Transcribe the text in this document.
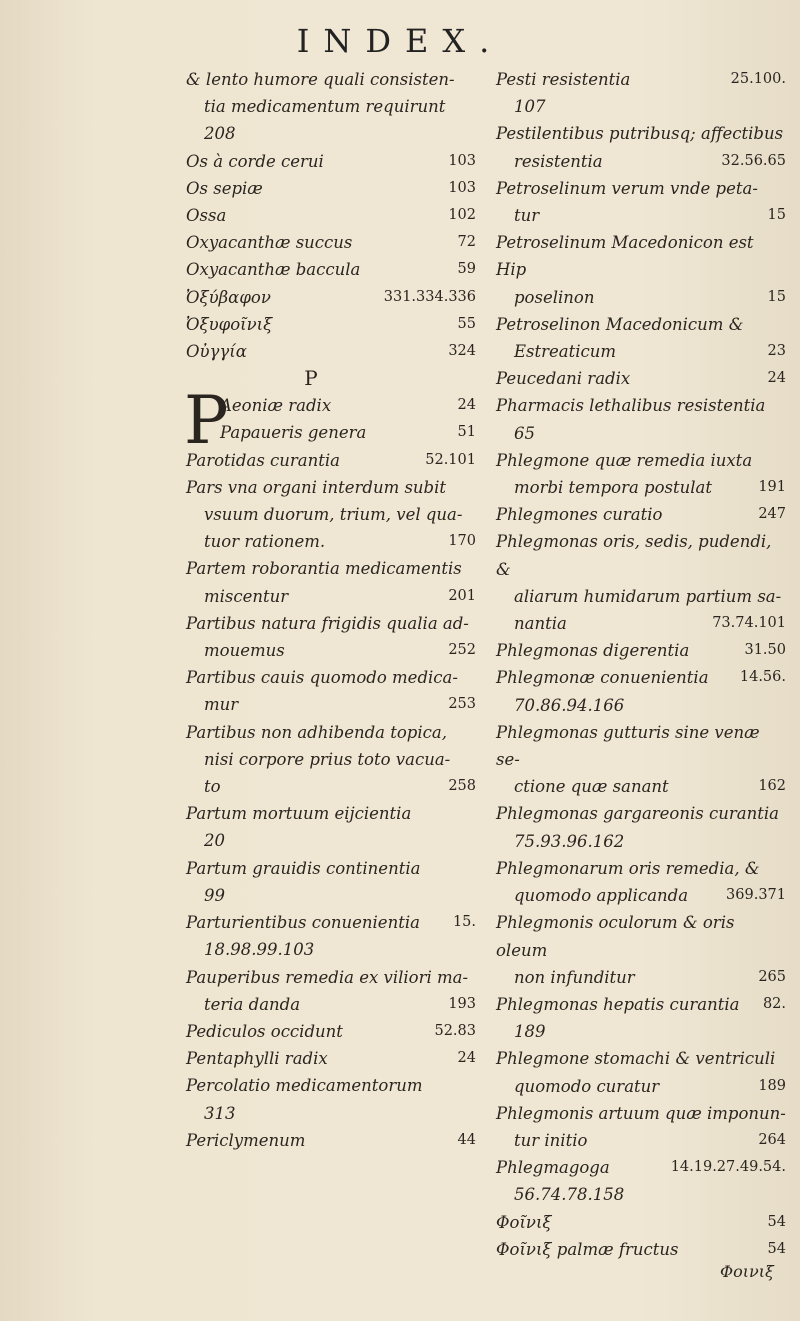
INDEX.
& lento humore quali consisten-
tia medicamentum requirunt
208
Os à corde cerui	103
Os sepiæ	103
Ossa	102
Oxyacanthæ succus	72
Oxyacanthæ baccula	59
Ὀξύβαφον	331.334.336
Ὀξυφοῖνιξ	55
Οὐγγία	324
P
P
Aeoniæ radix	24
Papaueris genera	51
Parotidas curantia	52.101
Pars vna organi interdum subit
vsuum duorum, trium, vel qua-
tuor rationem.	170
Partem roborantia medicamentis
miscentur	201
Partibus natura frigidis qualia ad-
mouemus	252
Partibus cauis quomodo medica-
mur	253
Partibus non adhibenda topica,
nisi corpore prius toto vacua-
to	258
Partum mortuum eijcientia
20
Partum grauidis continentia
99
Parturientibus conuenientia	15.
18.98.99.103
Pauperibus remedia ex viliori ma-
teria danda	193
Pediculos occidunt	52.83
Pentaphylli radix	24
Percolatio medicamentorum
313
Periclymenum	44
Pesti resistentia	25.100.
107
Pestilentibus putribusq; affectibus
resistentia	32.56.65
Petroselinum verum vnde peta-
tur	15
Petroselinum Macedonicon est Hip
poselinon	15
Petroselinon Macedonicum &
Estreaticum	23
Peucedani radix	24
Pharmacis lethalibus resistentia
65
Phlegmone quæ remedia iuxta
morbi tempora postulat	191
Phlegmones curatio	247
Phlegmonas oris, sedis, pudendi, &
aliarum humidarum partium sa-
nantia	73.74.101
Phlegmonas digerentia	31.50
Phlegmonæ conuenientia	14.56.
70.86.94.166
Phlegmonas gutturis sine venæ se-
ctione quæ sanant	162
Phlegmonas gargareonis curantia
75.93.96.162
Phlegmonarum oris remedia, &
quomodo applicanda	369.371
Phlegmonis oculorum & oris oleum
non infunditur	265
Phlegmonas hepatis curantia	82.
189
Phlegmone stomachi & ventriculi
quomodo curatur	189
Phlegmonis artuum quæ imponun-
tur initio	264
Phlegmagoga	14.19.27.49.54.
56.74.78.158
Φοῖνιξ	54
Φοῖνιξ palmæ fructus	54
Φοινιξ
